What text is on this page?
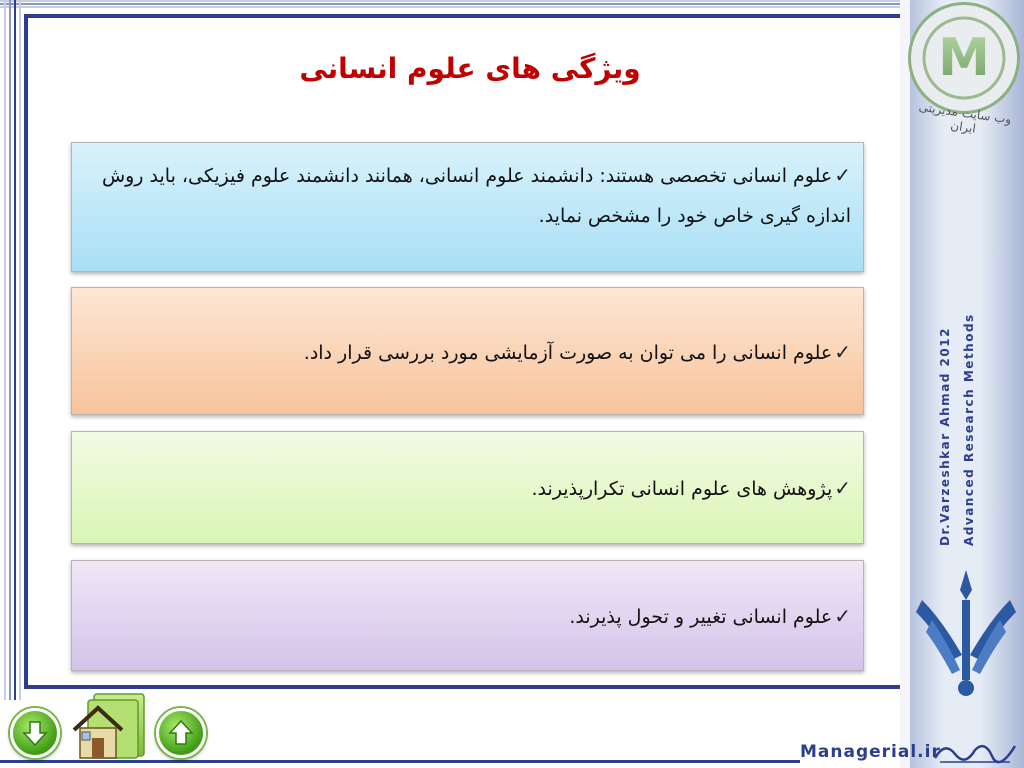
M
وب سایت مدیریتی ایران
Dr.Varzeshkar Ahmad 2012 Advanced Research Methods
Managerial.ir
ویژگی های علوم انسانی
✓علوم انسانی تخصصی هستند: دانشمند علوم انسانی، همانند دانشمند علوم فیزیکی، باید روش اندازه گیری خاص خود را مشخص نماید.
✓علوم انسانی را می توان به صورت آزمایشی مورد بررسی قرار داد.
✓پژوهش های علوم انسانی تکرارپذیرند.
✓علوم انسانی تغییر و تحول پذیرند.
